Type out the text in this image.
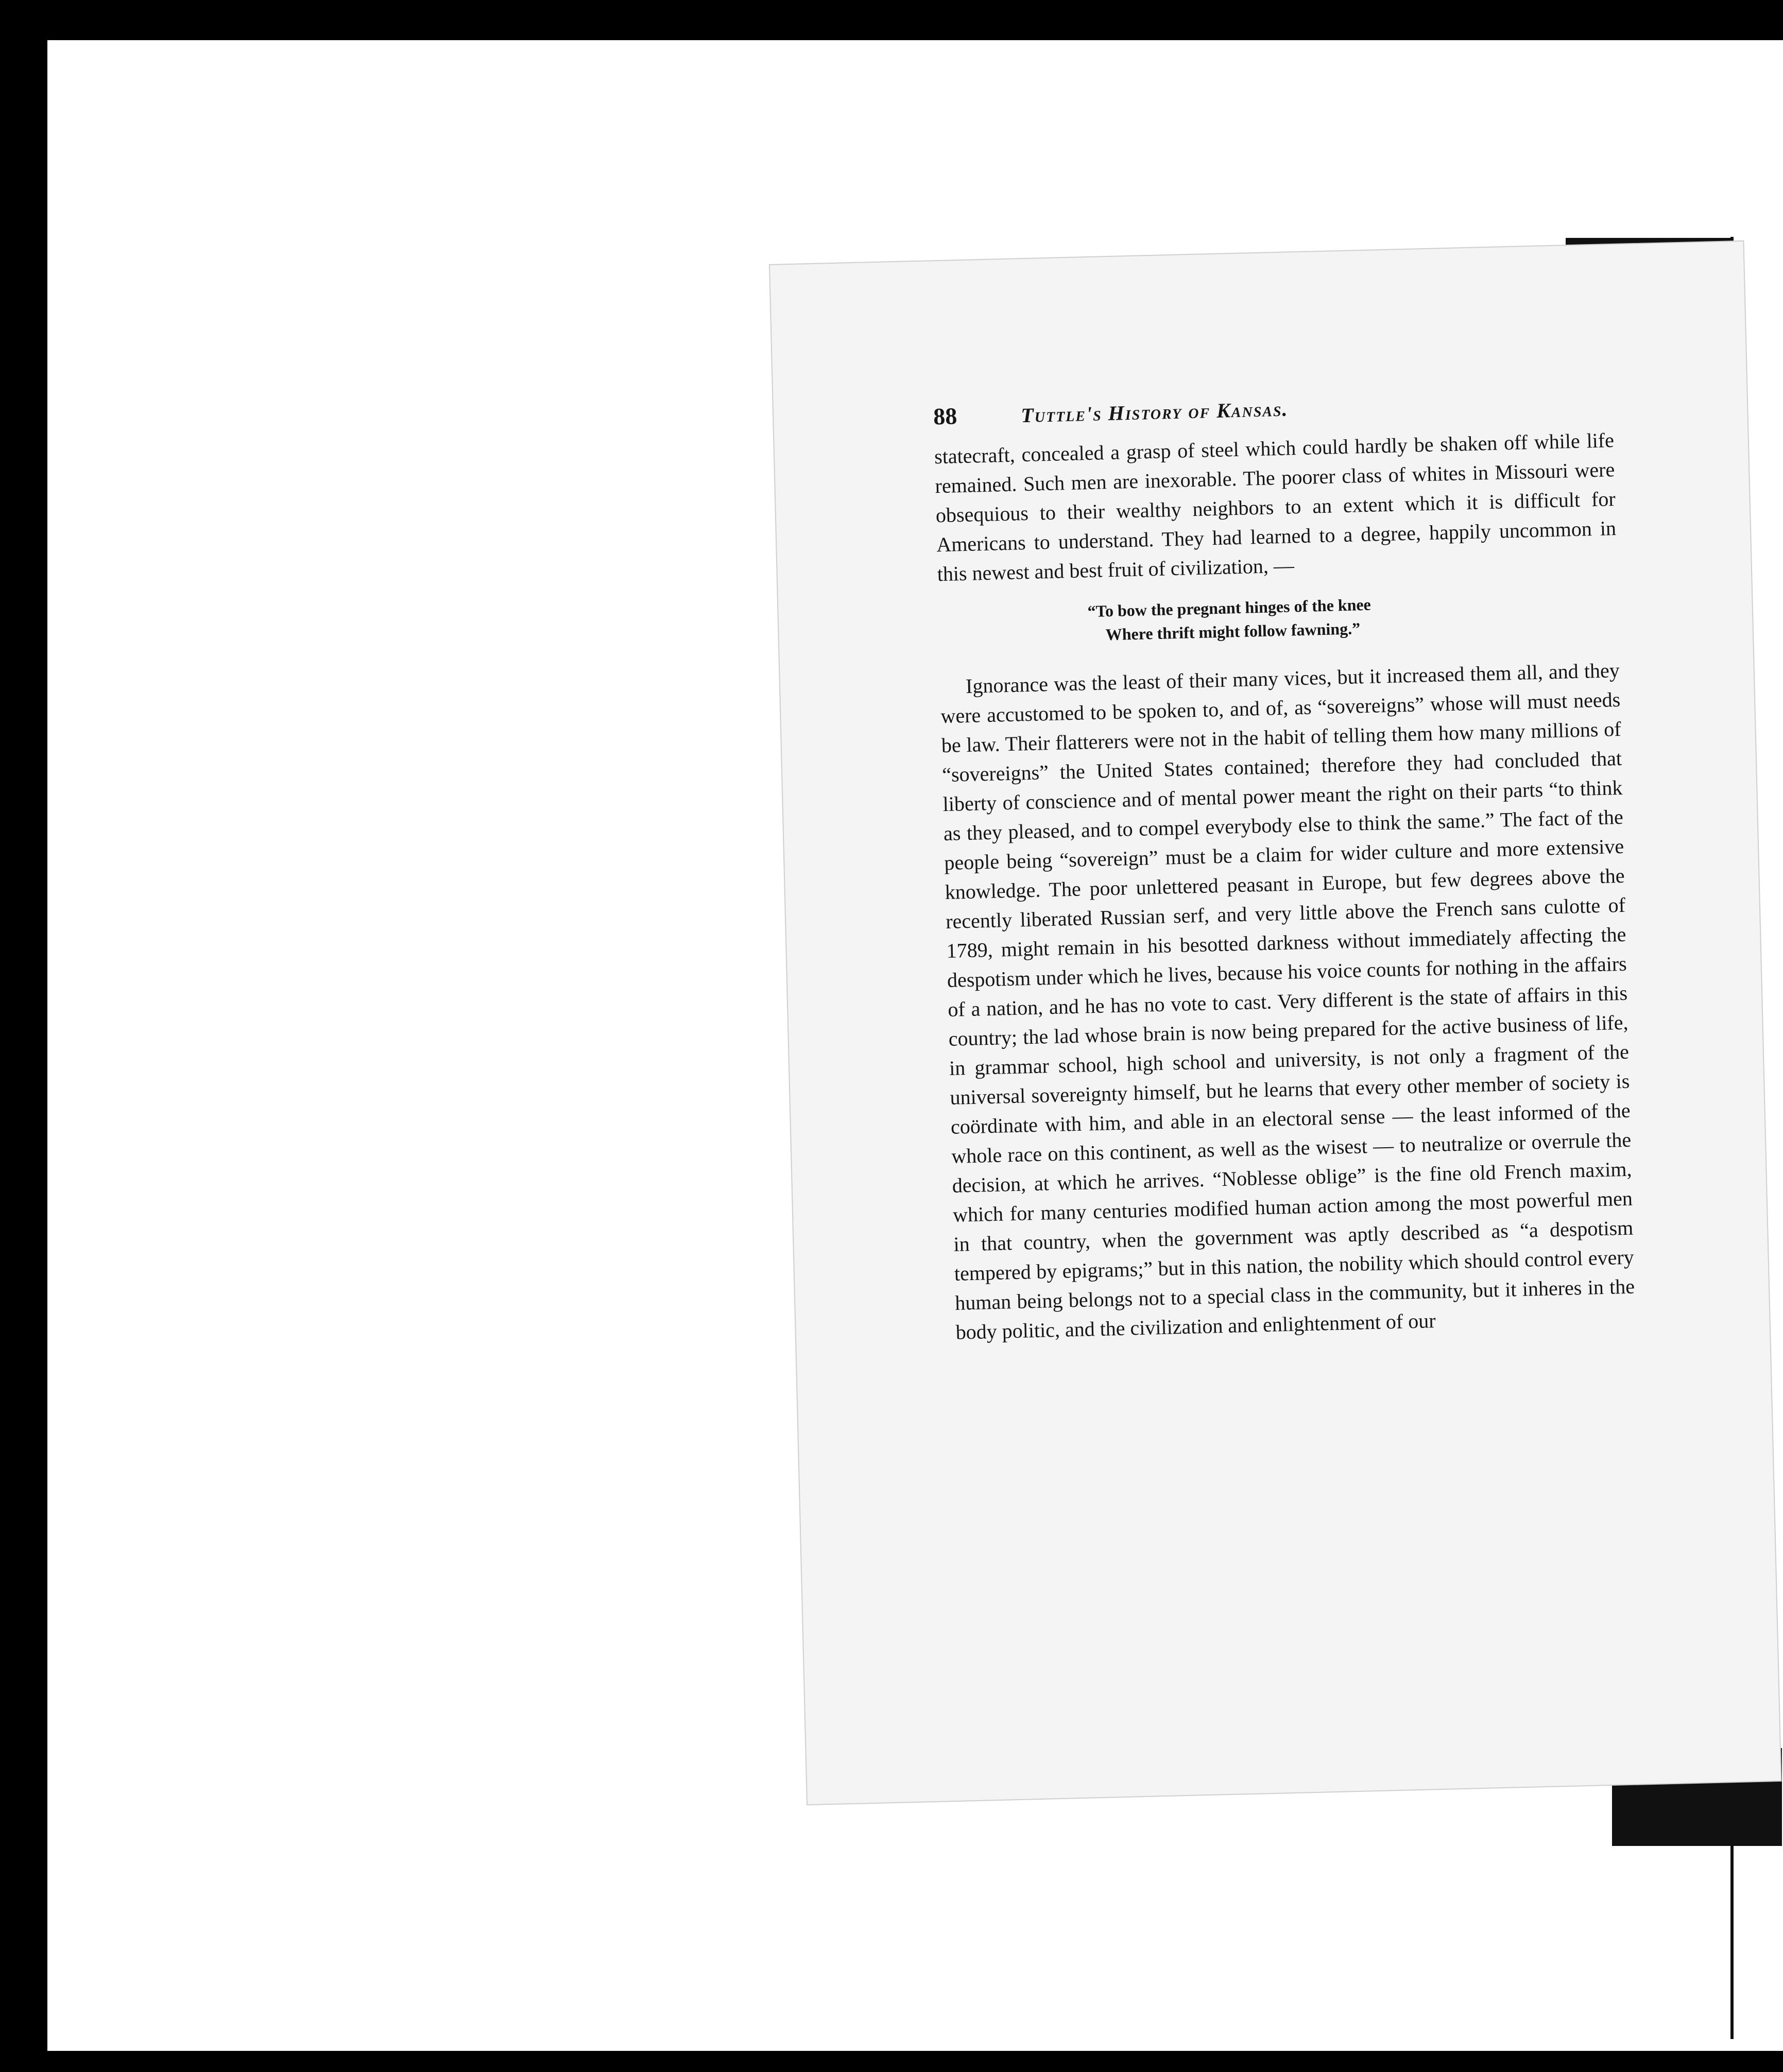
88	Tuttle's History of Kansas.

statecraft, concealed a grasp of steel which could hardly be shaken off while life remained. Such men are inexorable. The poorer class of whites in Missouri were obsequious to their wealthy neighbors to an extent which it is difficult for Americans to understand. They had learned to a degree, happily uncommon in this newest and best fruit of civilization, —

“To bow the pregnant hinges of the knee
Where thrift might follow fawning.”

Ignorance was the least of their many vices, but it increased them all, and they were accustomed to be spoken to, and of, as “sovereigns” whose will must needs be law. Their flatterers were not in the habit of telling them how many millions of “sovereigns” the United States contained; therefore they had concluded that liberty of conscience and of mental power meant the right on their parts “to think as they pleased, and to compel everybody else to think the same.” The fact of the people being “sovereign” must be a claim for wider culture and more extensive knowledge. The poor unlettered peasant in Europe, but few degrees above the recently liberated Russian serf, and very little above the French sans culotte of 1789, might remain in his besotted darkness without immediately affecting the despotism under which he lives, because his voice counts for nothing in the affairs of a nation, and he has no vote to cast. Very different is the state of affairs in this country; the lad whose brain is now being prepared for the active business of life, in grammar school, high school and university, is not only a fragment of the universal sovereignty himself, but he learns that every other member of society is coördinate with him, and able in an electoral sense — the least informed of the whole race on this continent, as well as the wisest — to neutralize or overrule the decision, at which he arrives. “Noblesse oblige” is the fine old French maxim, which for many centuries modified human action among the most powerful men in that country, when the government was aptly described as “a despotism tempered by epigrams;” but in this nation, the nobility which should control every human being belongs not to a special class in the community, but it inheres in the body politic, and the civilization and enlightenment of our
